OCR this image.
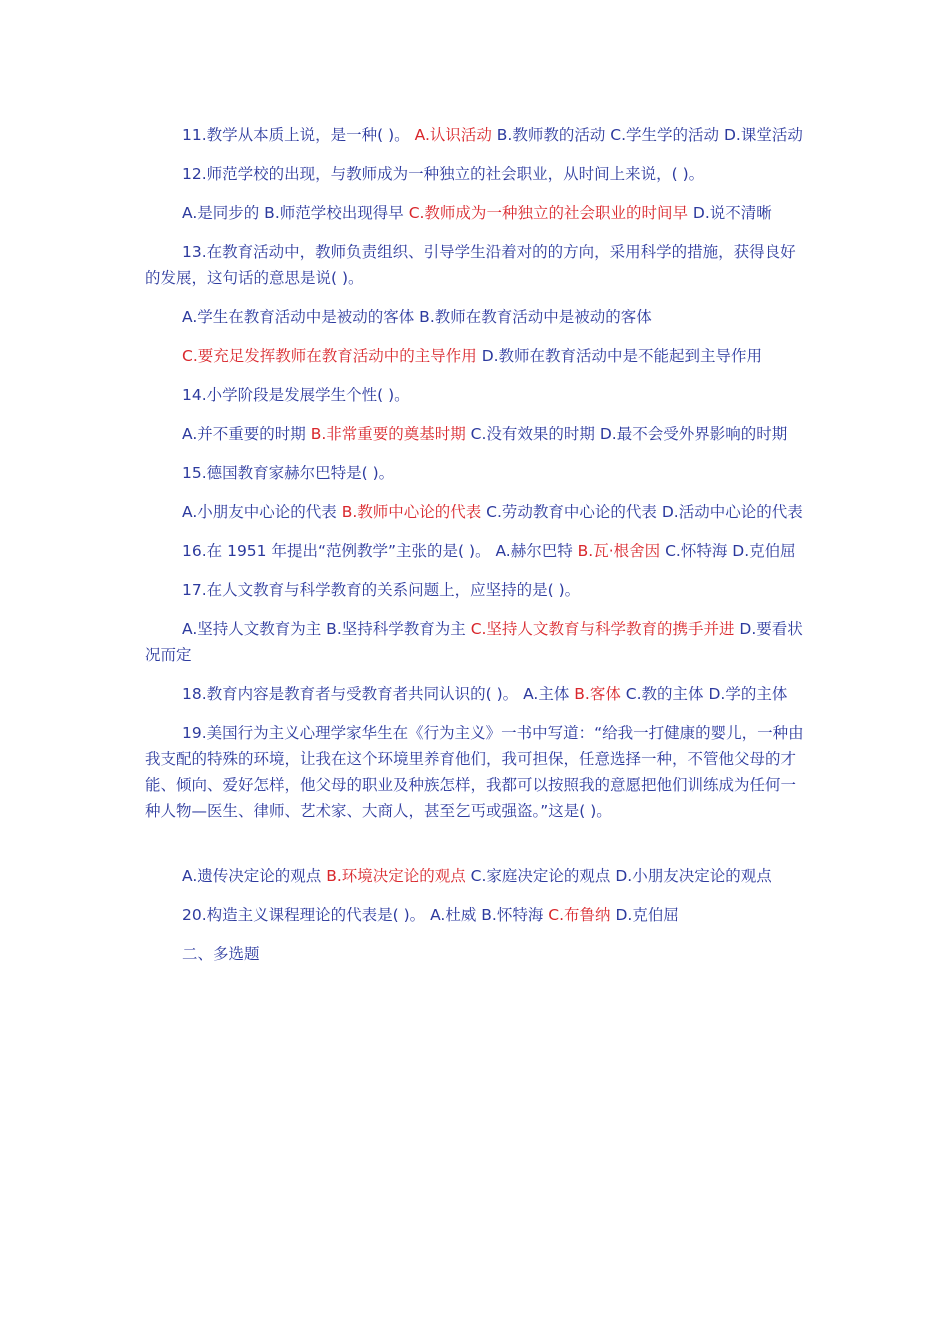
11.教学从本质上说，是一种( )。 A.认识活动 B.教师教的活动 C.学生学的活动 D.课堂活动

12.师范学校的出现，与教师成为一种独立的社会职业，从时间上来说，( )。

A.是同步的 B.师范学校出现得早 C.教师成为一种独立的社会职业的时间早 D.说不清晰

13.在教育活动中，教师负责组织、引导学生沿着对的的方向，采用科学的措施，获得良好的发展，这句话的意思是说( )。

A.学生在教育活动中是被动的客体 B.教师在教育活动中是被动的客体

C.要充足发挥教师在教育活动中的主导作用 D.教师在教育活动中是不能起到主导作用

14.小学阶段是发展学生个性( )。

A.并不重要的时期 B.非常重要的奠基时期 C.没有效果的时期 D.最不会受外界影响的时期

15.德国教育家赫尔巴特是( )。

A.小朋友中心论的代表 B.教师中心论的代表 C.劳动教育中心论的代表 D.活动中心论的代表

16.在 1951 年提出“范例教学”主张的是( )。 A.赫尔巴特 B.瓦·根舍因 C.怀特海 D.克伯屈

17.在人文教育与科学教育的关系问题上，应坚持的是( )。

A.坚持人文教育为主 B.坚持科学教育为主 C.坚持人文教育与科学教育的携手并进 D.要看状况而定

18.教育内容是教育者与受教育者共同认识的( )。 A.主体 B.客体 C.教的主体 D.学的主体

19.美国行为主义心理学家华生在《行为主义》一书中写道：“给我一打健康的婴儿，一种由我支配的特殊的环境，让我在这个环境里养育他们，我可担保，任意选择一种，不管他父母的才能、倾向、爱好怎样，他父母的职业及种族怎样，我都可以按照我的意愿把他们训练成为任何一种人物—医生、律师、艺术家、大商人，甚至乞丐或强盗。”这是( )。

A.遗传决定论的观点 B.环境决定论的观点 C.家庭决定论的观点 D.小朋友决定论的观点

20.构造主义课程理论的代表是( )。 A.杜威 B.怀特海 C.布鲁纳 D.克伯屈

二、多选题
